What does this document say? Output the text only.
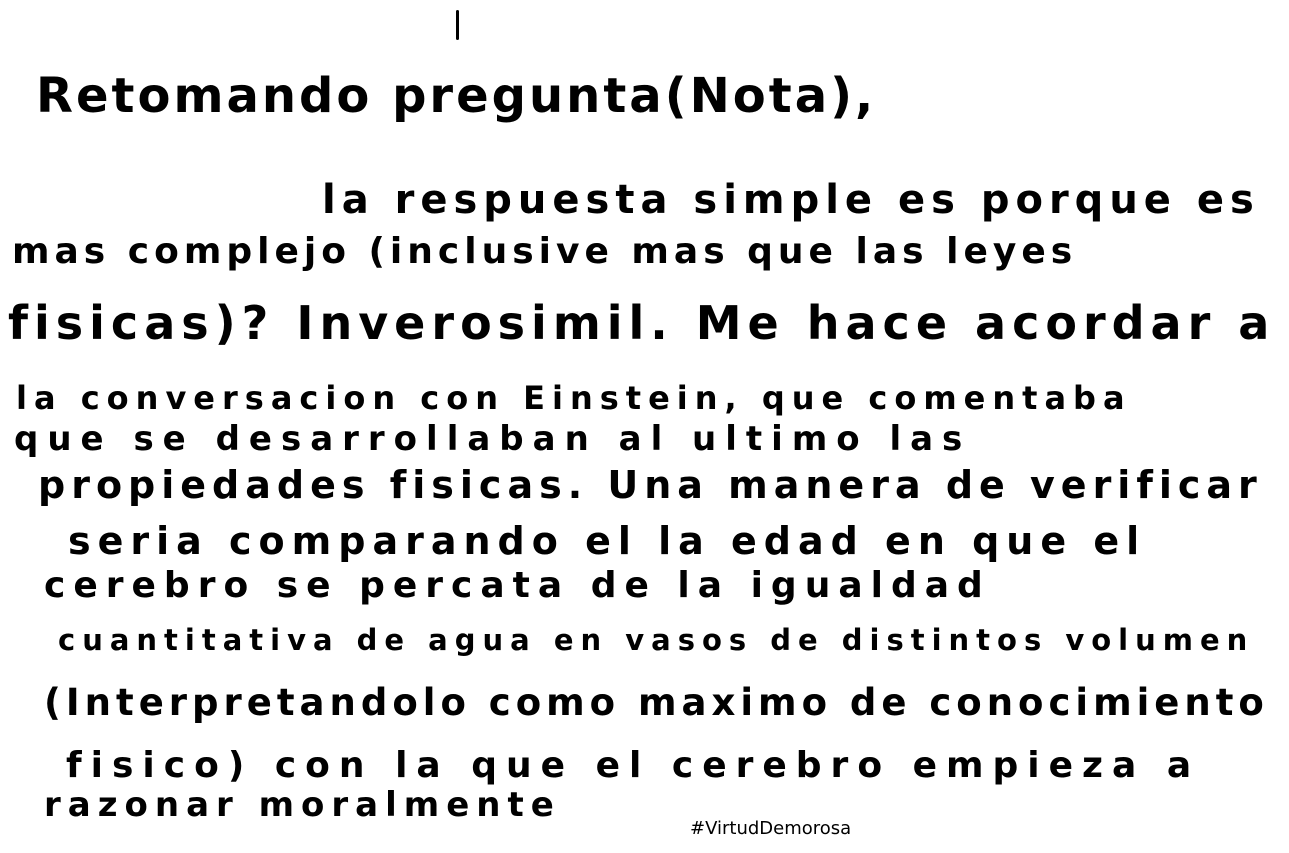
Retomando pregunta(Nota),
la respuesta simple es porque es
mas complejo (inclusive mas que las leyes
fisicas)? Inverosimil. Me hace acordar a
la conversacion con Einstein, que comentaba
que se desarrollaban al ultimo las
propiedades fisicas. Una manera de verificar
seria comparando el la edad en que el
cerebro se percata de la igualdad
cuantitativa de agua en vasos de distintos volumen
(Interpretandolo como maximo de conocimiento
fisico) con la que el cerebro empieza a
razonar moralmente
#VirtudDemorosa
